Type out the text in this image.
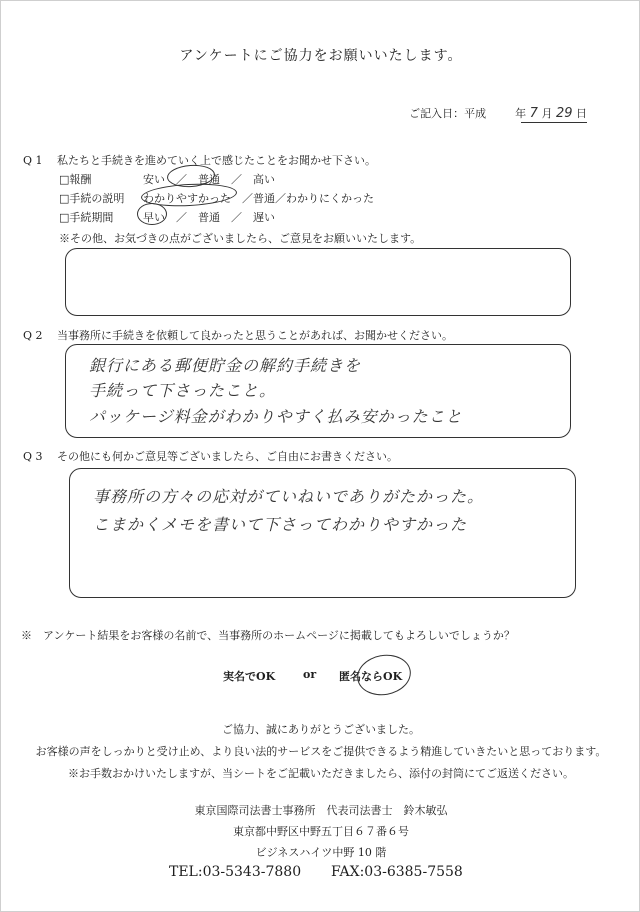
アンケートにご協力をお願いいたします。
ご記入日：平成	年 7 月 29 日
Q 1 私たちと手続きを進めていく上で感じたことをお聞かせ下さい。
□報酬	安い　／　普通　／　高い
□手続の説明 わかりやすかった　／普通／わかりにくかった
□手続期間	早い　／　普通　／　遅い
※その他、お気づきの点がございましたら、ご意見をお願いいたします。
Q 2 当事務所に手続きを依頼して良かったと思うことがあれば、お聞かせください。
銀行にある郵便貯金の解約手続きを
手続って下さったこと。
パッケージ料金がわかりやすく払み安かったこと
Q 3 その他にも何かご意見等ございましたら、ご自由にお書きください。
事務所の方々の応対がていねいでありがたかった。
こまかくメモを書いて下さってわかりやすかった
※　アンケート結果をお客様の名前で、当事務所のホームページに掲載してもよろしいでしょうか？
実名でOK	or 匿名ならOK
ご協力、誠にありがとうございました。
お客様の声をしっかりと受け止め、より良い法的サービスをご提供できるよう精進していきたいと思っております。
※お手数おかけいたしますが、当シートをご記載いただきましたら、添付の封筒にてご返送ください。
東京国際司法書士事務所　代表司法書士　鈴木敏弘
東京都中野区中野五丁目６７番６号
ビジネスハイツ中野 10 階
TEL:03-5343-7880 FAX:03-6385-7558
